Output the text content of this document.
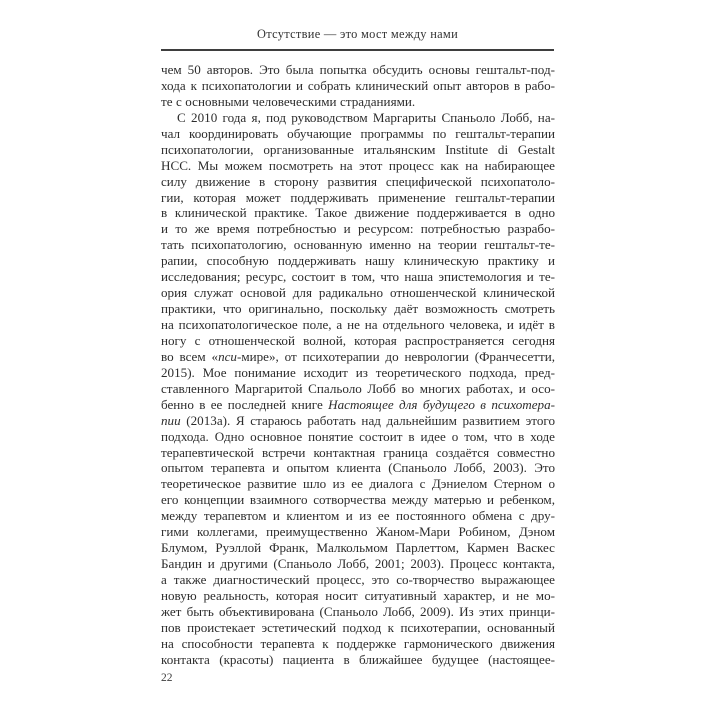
Отсутствие — это мост между нами
чем 50 авторов. Это была попытка обсудить основы гештальт-под-
хода к психопатологии и собрать клинический опыт авторов в рабо-
те с основными человеческими страданиями.
С 2010 года я, под руководством Маргариты Спаньоло Лобб, на-
чал координировать обучающие программы по гештальт-терапии
психопатологии, организованные итальянским Institute di Gestalt
НСС. Мы можем посмотреть на этот процесс как на набирающее
силу движение в сторону развития специфической психопатоло-
гии, которая может поддерживать применение гештальт-терапии
в клинической практике. Такое движение поддерживается в одно
и то же время потребностью и ресурсом: потребностью разрабо-
тать психопатологию, основанную именно на теории гештальт-те-
рапии, способную поддерживать нашу клиническую практику и
исследования; ресурс, состоит в том, что наша эпистемология и те-
ория служат основой для радикально отношенческой клинической
практики, что оригинально, поскольку даёт возможность смотреть
на психопатологическое поле, а не на отдельного человека, и идёт в
ногу с отношенческой волной, которая распространяется сегодня
во всем «пси-мире», от психотерапии до неврологии (Франчесетти,
2015). Мое понимание исходит из теоретического подхода, пред-
ставленного Маргаритой Спальоло Лобб во многих работах, и осо-
бенно в ее последней книге Настоящее для будущего в психотера-
пии (2013a). Я стараюсь работать над дальнейшим развитием этого
подхода. Одно основное понятие состоит в идее о том, что в ходе
терапевтической встречи контактная граница создаётся совместно
опытом терапевта и опытом клиента (Спаньоло Лобб, 2003). Это
теоретическое развитие шло из ее диалога с Дэниелом Стерном о
его концепции взаимного сотворчества между матерью и ребенком,
между терапевтом и клиентом и из ее постоянного обмена с дру-
гими коллегами, преимущественно Жаном-Мари Робином, Дэном
Блумом, Руэллой Франк, Малкольмом Парлеттом, Кармен Васкес
Бандин и другими (Спаньоло Лобб, 2001; 2003). Процесс контакта,
а также диагностический процесс, это со-творчество выражающее
новую реальность, которая носит ситуативный характер, и не мо-
жет быть объективирована (Спаньоло Лобб, 2009). Из этих принци-
пов проистекает эстетический подход к психотерапии, основанный
на способности терапевта к поддержке гармонического движения
контакта (красоты) пациента в ближайшее будущее (настоящее-
22
